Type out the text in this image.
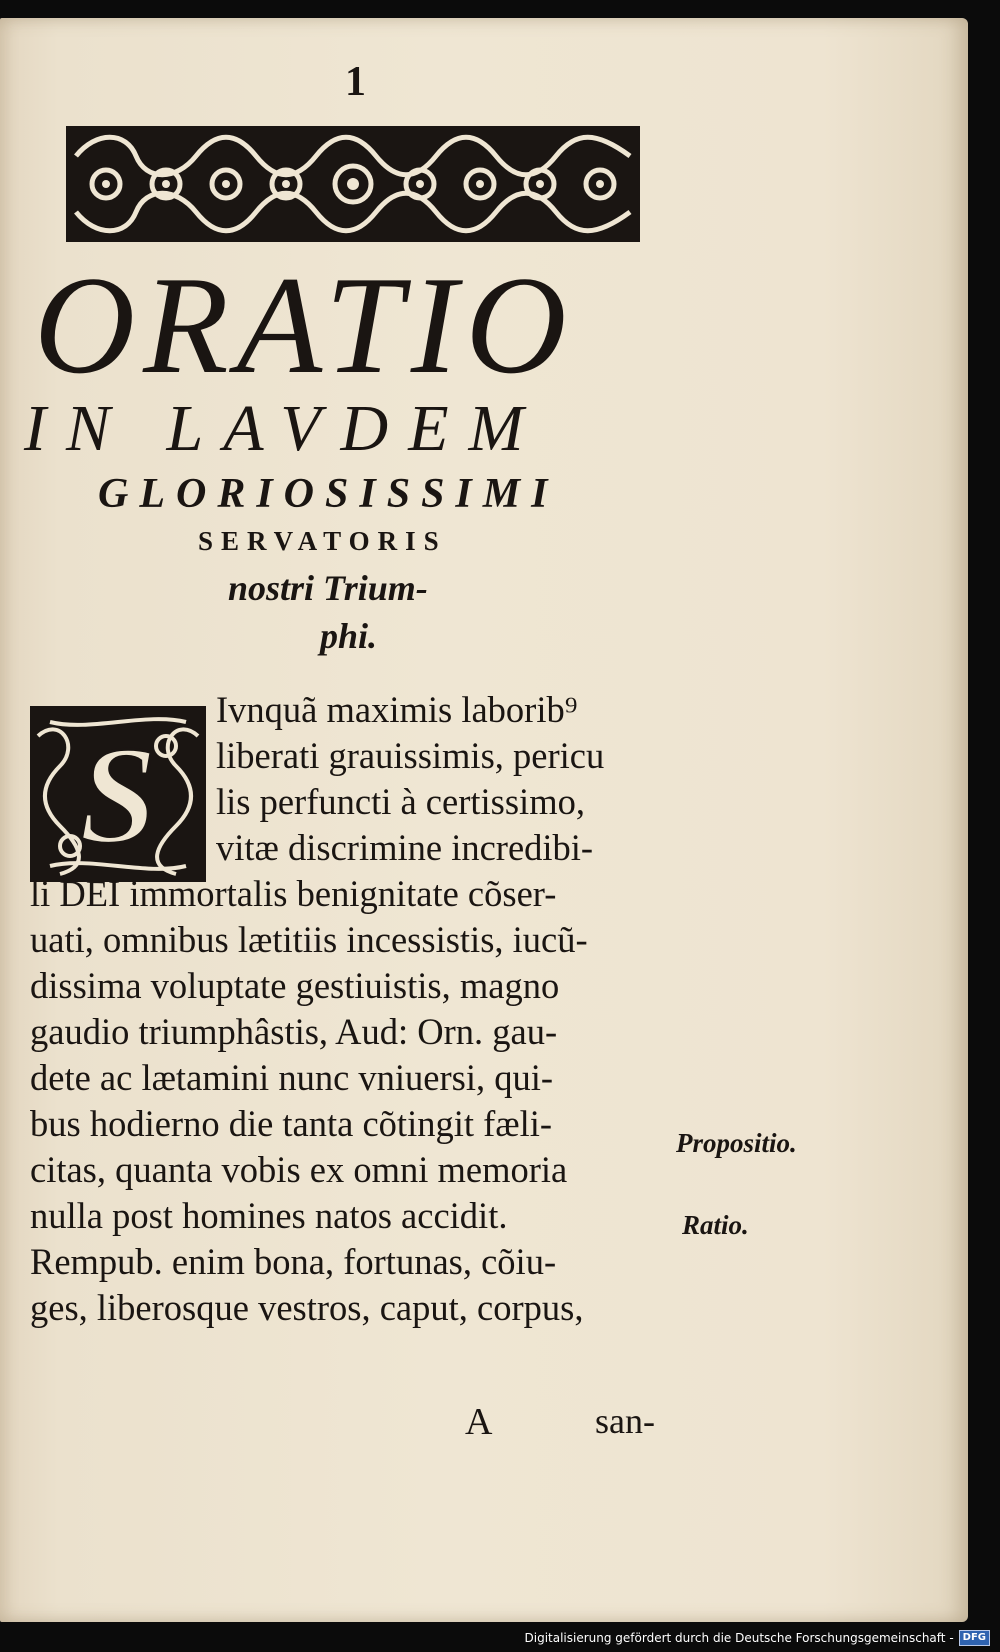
1
ORATIO
IN LAVDEM
GLORIOSISSIMI
SERVATORIS
nostri Trium-
phi.
S
Ivnquã maximis laborib⁹
liberati grauissimis, pericu
lis perfuncti à certissimo,
vitæ discrimine incredibi-
li DEI immortalis benignitate cõser-
uati, omnibus lætitiis incessistis, iucũ-
dissima voluptate gestiuistis, magno
gaudio triumphâstis, Aud: Orn. gau-
dete ac lætamini nunc vniuersi, qui-
bus hodierno die tanta cõtingit fæli-
citas, quanta vobis ex omni memoria
nulla post homines natos accidit.
Rempub. enim bona, fortunas, cõiu-
ges, liberosque vestros, caput, corpus,
Propositio.
Ratio.
A	san-
Digitalisierung gefördert durch die Deutsche Forschungsgemeinschaft - DFG
